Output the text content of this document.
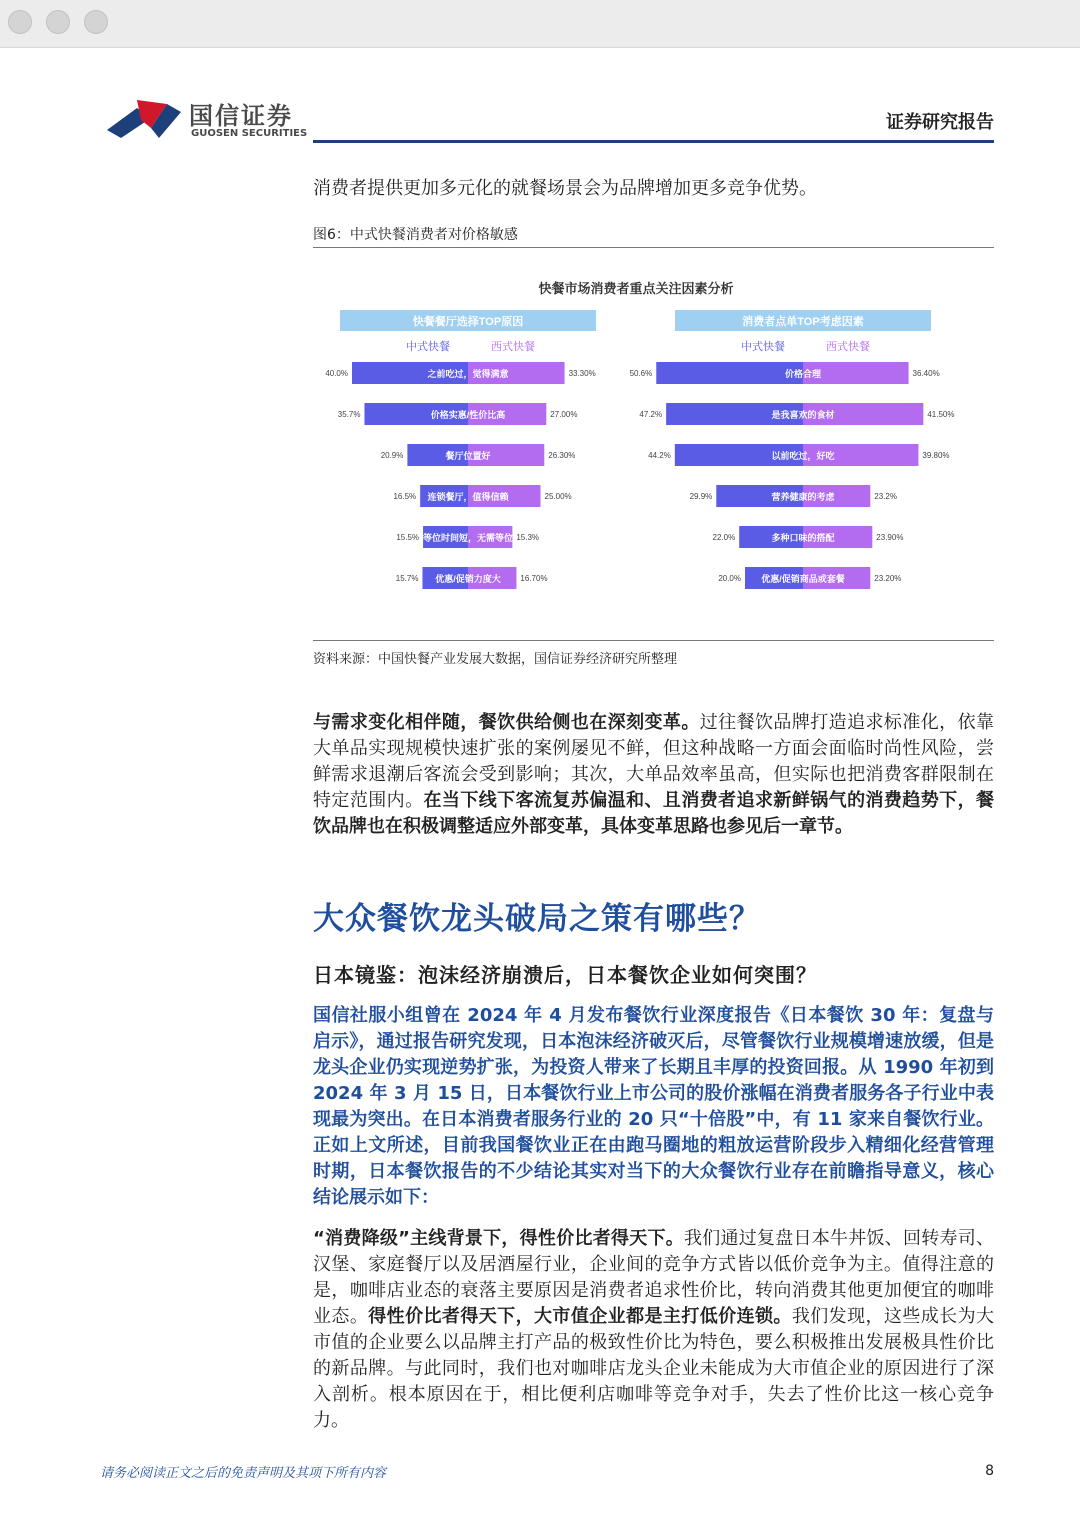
国信证券
GUOSEN SECURITIES
证券研究报告
消费者提供更加多元化的就餐场景会为品牌增加更多竞争优势。
图6：中式快餐消费者对价格敏感
快餐市场消费者重点关注因素分析
快餐餐厅选择TOP原因
中式快餐	西式快餐
之前吃过，觉得满意
40.0%	33.30%
价格实惠/性价比高
35.7%	27.00%
餐厅位置好
20.9%	26.30%
连锁餐厅，值得信赖
16.5%	25.00%
等位时间短，无需等位
15.5%	15.3%
优惠/促销力度大
15.7%	16.70%
消费者点单TOP考虑因素
中式快餐	西式快餐
价格合理
50.6%	36.40%
是我喜欢的食材
47.2%	41.50%
以前吃过，好吃
44.2%	39.80%
营养健康的考虑
29.9%	23.2%
多种口味的搭配
22.0%	23.90%
优惠/促销商品或套餐
20.0%	23.20%
资料来源：中国快餐产业发展大数据，国信证券经济研究所整理
与需求变化相伴随，餐饮供给侧也在深刻变革。过往餐饮品牌打造追求标准化，依靠大单品实现规模快速扩张的案例屡见不鲜，但这种战略一方面会面临时尚性风险，尝鲜需求退潮后客流会受到影响；其次，大单品效率虽高，但实际也把消费客群限制在特定范围内。在当下线下客流复苏偏温和、且消费者追求新鲜锅气的消费趋势下，餐饮品牌也在积极调整适应外部变革，具体变革思路也参见后一章节。
大众餐饮龙头破局之策有哪些？
日本镜鉴：泡沫经济崩溃后，日本餐饮企业如何突围？
国信社服小组曾在 2024 年 4 月发布餐饮行业深度报告《日本餐饮 30 年：复盘与启示》，通过报告研究发现，日本泡沫经济破灭后，尽管餐饮行业规模增速放缓，但是龙头企业仍实现逆势扩张，为投资人带来了长期且丰厚的投资回报。从 1990 年初到 2024 年 3 月 15 日，日本餐饮行业上市公司的股价涨幅在消费者服务各子行业中表现最为突出。在日本消费者服务行业的 20 只“十倍股”中，有 11 家来自餐饮行业。正如上文所述，目前我国餐饮业正在由跑马圈地的粗放运营阶段步入精细化经营管理时期，日本餐饮报告的不少结论其实对当下的大众餐饮行业存在前瞻指导意义，核心结论展示如下：
“消费降级”主线背景下，得性价比者得天下。我们通过复盘日本牛丼饭、回转寿司、汉堡、家庭餐厅以及居酒屋行业，企业间的竞争方式皆以低价竞争为主。值得注意的是，咖啡店业态的衰落主要原因是消费者追求性价比，转向消费其他更加便宜的咖啡业态。得性价比者得天下，大市值企业都是主打低价连锁。我们发现，这些成长为大市值的企业要么以品牌主打产品的极致性价比为特色，要么积极推出发展极具性价比的新品牌。与此同时，我们也对咖啡店龙头企业未能成为大市值企业的原因进行了深入剖析。根本原因在于，相比便利店咖啡等竞争对手，失去了性价比这一核心竞争力。
请务必阅读正文之后的免责声明及其项下所有内容	8
